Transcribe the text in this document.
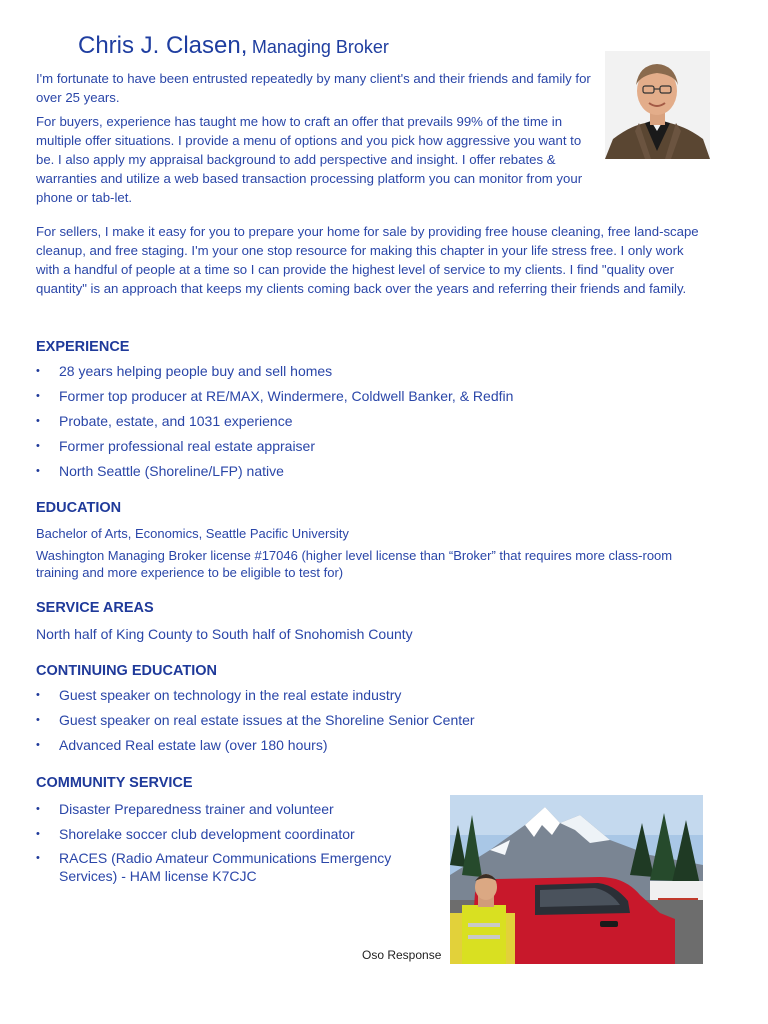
Chris J. Clasen, Managing Broker

I'm fortunate to have been entrusted repeatedly by many client's and their friends and family for over 25 years.

For buyers, experience has taught me how to craft an offer that prevails 99% of the time in multiple offer situations. I provide a menu of options and you pick how aggressive you want to be. I also apply my appraisal background to add perspective and insight. I offer rebates & warranties and utilize a web based transaction processing platform you can monitor from your phone or tab-let.

For sellers, I make it easy for you to prepare your home for sale by providing free house cleaning, free land-scape cleanup, and free staging. I'm your one stop resource for making this chapter in your life stress free. I only work with a handful of people at a time so I can provide the highest level of service to my clients. I find "quality over quantity" is an approach that keeps my clients coming back over the years and referring their friends and family.

EXPERIENCE
• 28 years helping people buy and sell homes
• Former top producer at RE/MAX, Windermere, Coldwell Banker, & Redfin
• Probate, estate, and 1031 experience
• Former professional real estate appraiser
• North Seattle (Shoreline/LFP) native
EDUCATION

Bachelor of Arts, Economics, Seattle Pacific University

Washington Managing Broker license #17046 (higher level license than “Broker” that requires more class-room training and more experience to be eligible to test for)

SERVICE AREAS

North half of King County to South half of Snohomish County

CONTINUING EDUCATION
• Guest speaker on technology in the real estate industry
• Guest speaker on real estate issues at the Shoreline Senior Center
• Advanced Real estate law (over 180 hours)
COMMUNITY SERVICE
• Disaster Preparedness trainer and volunteer
• Shorelake soccer club development coordinator
• RACES (Radio Amateur Communications Emergency Services) - HAM license K7CJC
Oso Response
